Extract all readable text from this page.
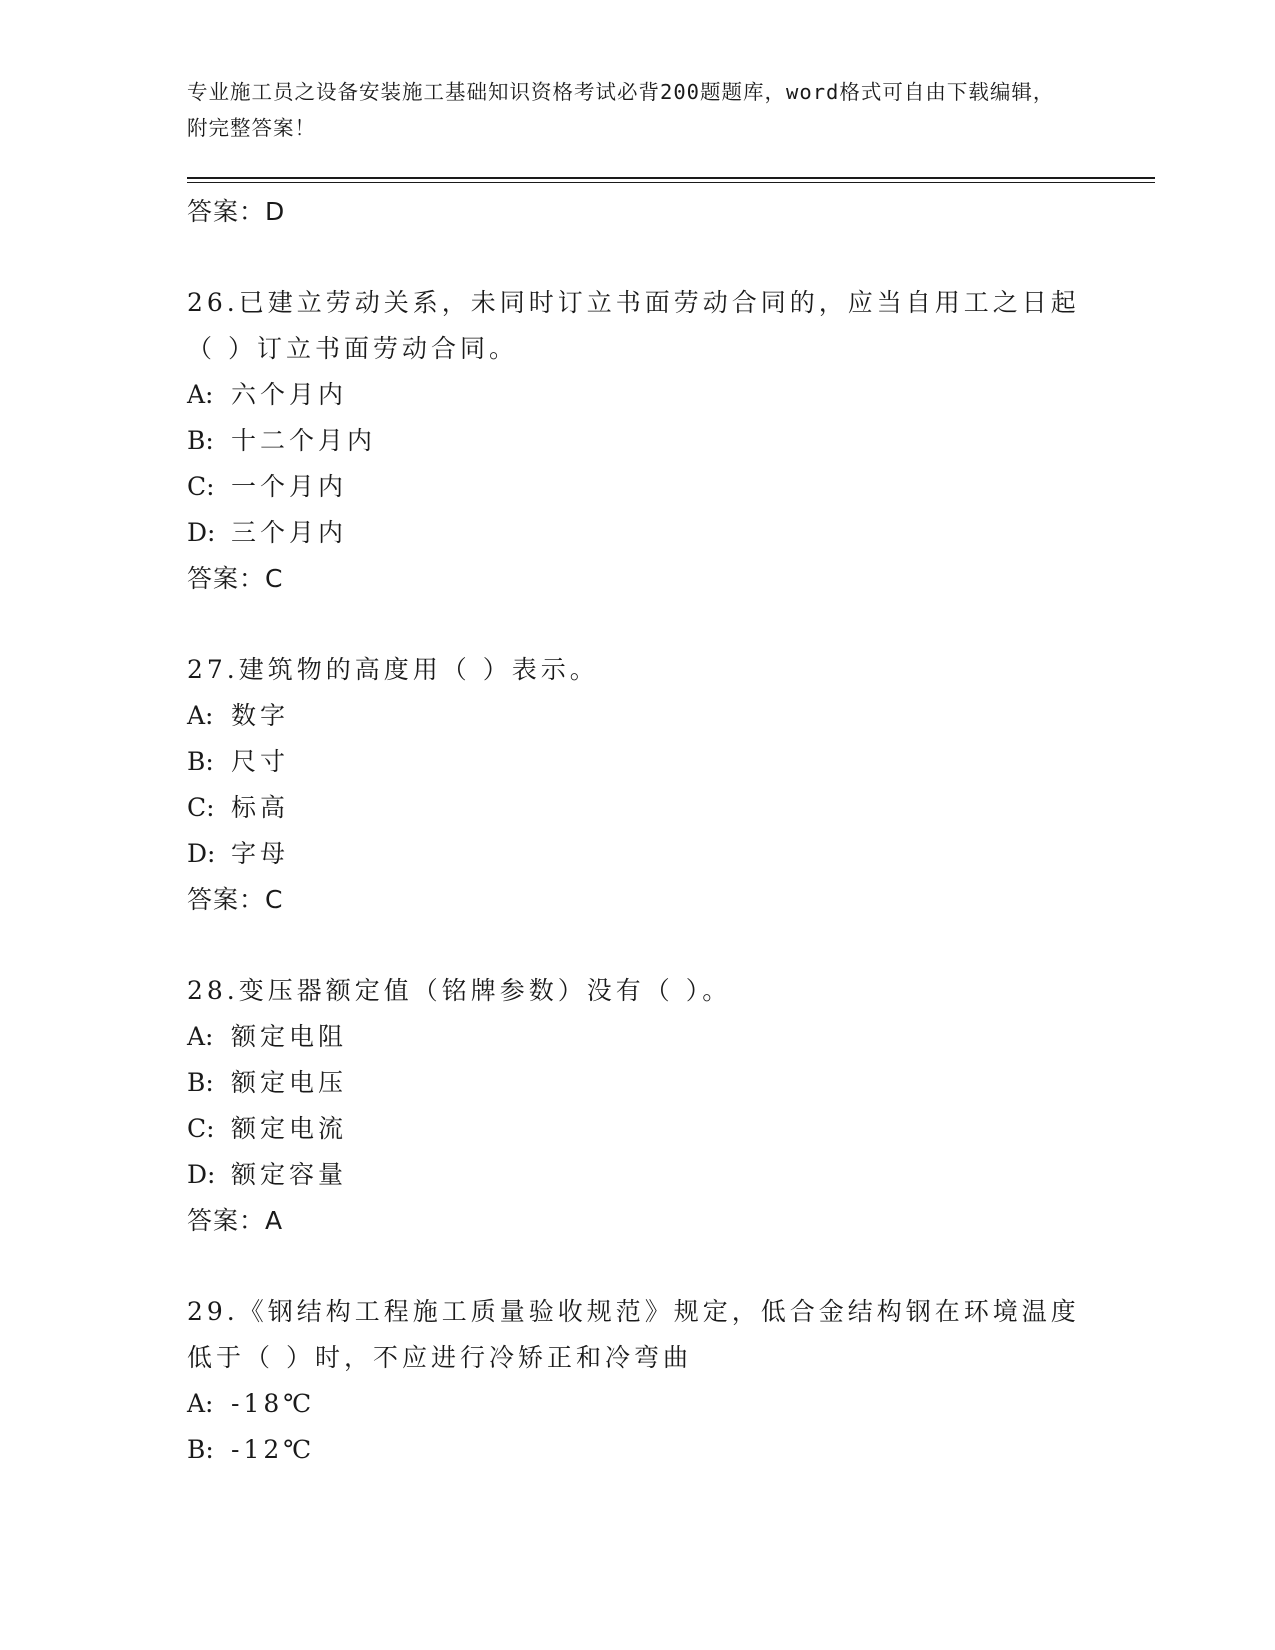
专业施工员之设备安装施工基础知识资格考试必背200题题库，word格式可自由下载编辑，附完整答案！
答案：D
26.已建立劳动关系，未同时订立书面劳动合同的，应当自用工之日起
（ ）订立书面劳动合同。
A: 六个月内
B: 十二个月内
C: 一个月内
D: 三个月内
答案：C
27.建筑物的高度用（ ）表示。
A: 数字
B: 尺寸
C: 标高
D: 字母
答案：C
28.变压器额定值（铭牌参数）没有（ ）。
A: 额定电阻
B: 额定电压
C: 额定电流
D: 额定容量
答案：A
29.《钢结构工程施工质量验收规范》规定，低合金结构钢在环境温度
低于（ ）时，不应进行冷矫正和冷弯曲
A: -18℃
B: -12℃
